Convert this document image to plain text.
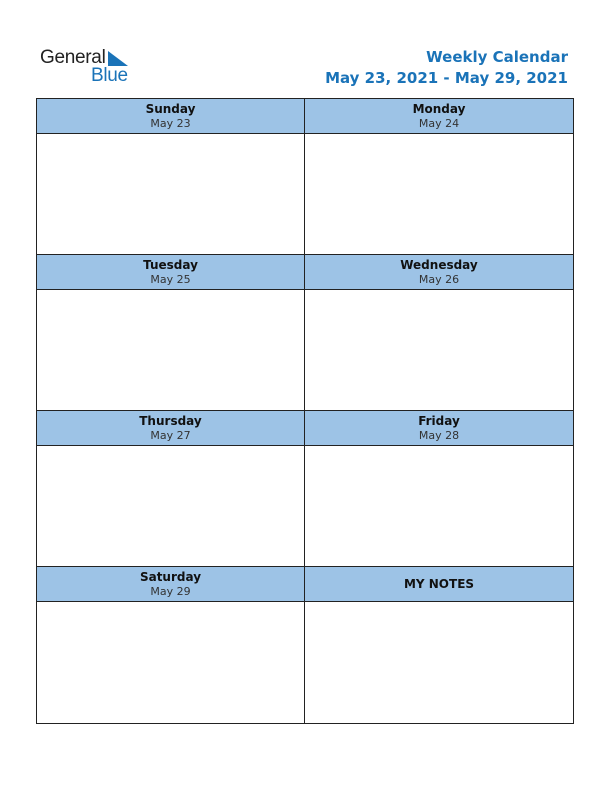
General
Blue
Weekly Calendar
May 23, 2021 - May 29, 2021
Sunday
May 23
Monday
May 24
Tuesday
May 25
Wednesday
May 26
Thursday
May 27
Friday
May 28
Saturday
May 29	MY NOTES
